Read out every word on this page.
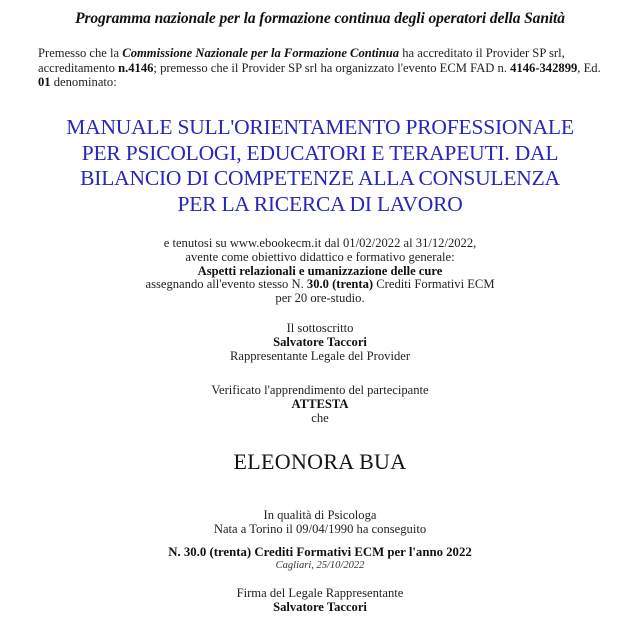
Programma nazionale per la formazione continua degli operatori della Sanità
Premesso che la Commissione Nazionale per la Formazione Continua ha accreditato il Provider SP srl, accreditamento n.4146; premesso che il Provider SP srl ha organizzato l'evento ECM FAD n. 4146-342899, Ed. 01 denominato:
MANUALE SULL'ORIENTAMENTO PROFESSIONALE
PER PSICOLOGI, EDUCATORI E TERAPEUTI. DAL
BILANCIO DI COMPETENZE ALLA CONSULENZA
PER LA RICERCA DI LAVORO
e tenutosi su www.ebookecm.it dal 01/02/2022 al 31/12/2022,
avente come obiettivo didattico e formativo generale:
Aspetti relazionali e umanizzazione delle cure
assegnando all'evento stesso N. 30.0 (trenta) Crediti Formativi ECM
per 20 ore-studio.
Il sottoscritto
Salvatore Taccori
Rappresentante Legale del Provider
Verificato l'apprendimento del partecipante
ATTESTA
che
ELEONORA BUA
In qualità di Psicologa
Nata a Torino il 09/04/1990 ha conseguito
N. 30.0 (trenta) Crediti Formativi ECM per l'anno 2022
Cagliari, 25/10/2022
Firma del Legale Rappresentante
Salvatore Taccori
